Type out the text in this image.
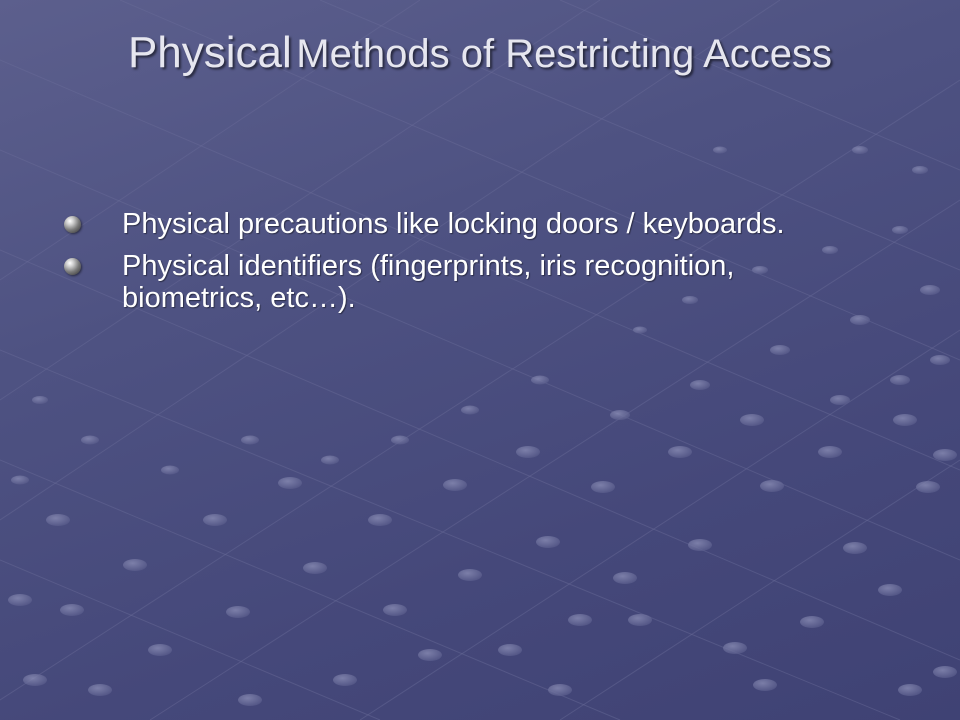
Physical Methods of Restricting Access
Physical precautions like locking doors / keyboards.
Physical identifiers (fingerprints, iris recognition, biometrics, etc…).
